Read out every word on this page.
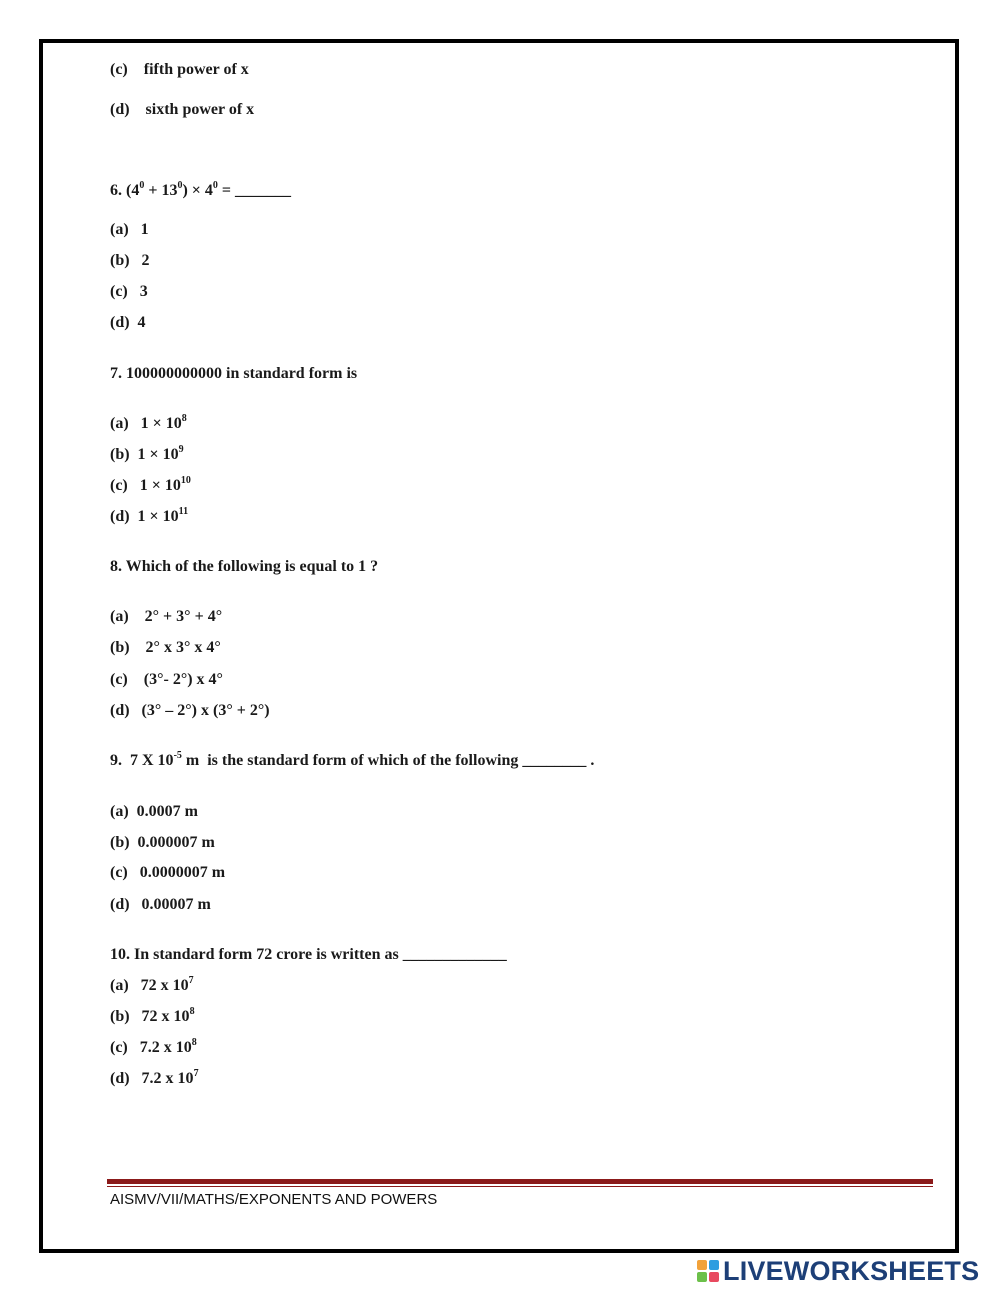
(c)    fifth power of x
(d)    sixth power of x
6. $(4^0 + 13^0) \times 4^0$ = _______
(a)   1
(b)   2
(c)   3
(d)  4
7. 100000000000 in standard form is
(a)   $1 \times 10^8$
(b)  $1 \times 10^9$
(c)   $1 \times 10^{10}$
(d)  $1 \times 10^{11}$
8. Which of the following is equal to 1 ?
(a)    2° + 3° + 4°
(b)    2° x 3° x 4°
(c)    (3°- 2°) x 4°
(d)   (3° – 2°) x (3° + 2°)
9.  7 X $10^{-5}$ m  is the standard form of which of the following ________ .
(a)  0.0007 m
(b)  0.000007 m
(c)   0.0000007 m
(d)   0.00007 m
10. In standard form 72 crore is written as _____________
(a)   72 x $10^7$
(b)   72 x $10^8$
(c)   7.2 x $10^8$
(d)   7.2 x $10^7$
AISMV/VII/MATHS/EXPONENTS AND POWERS
LIVEWORKSHEETS
